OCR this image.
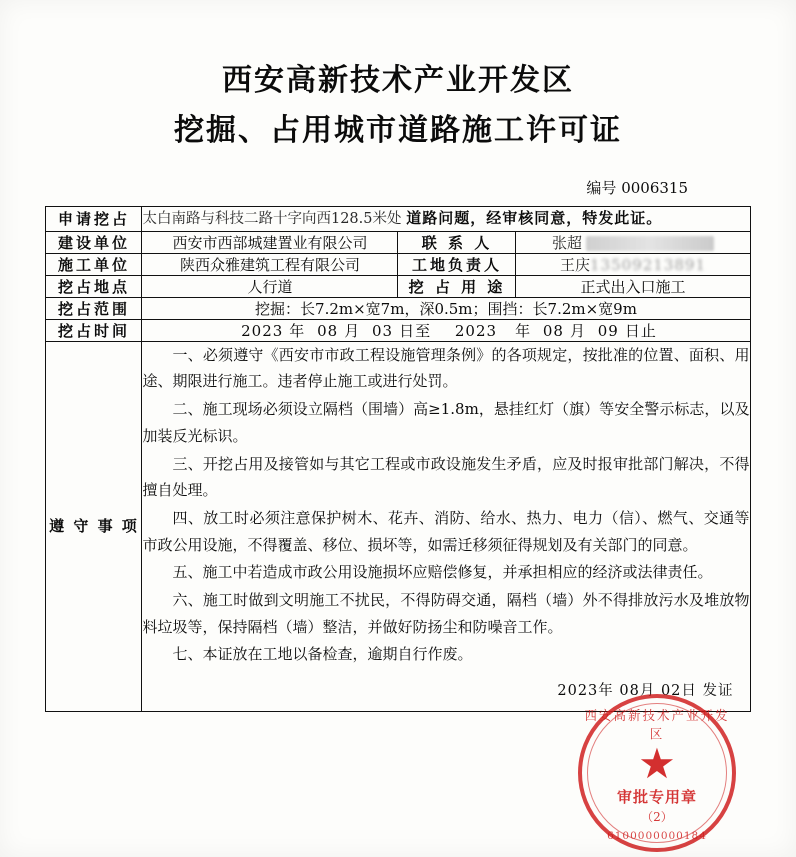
西安高新技术产业开发区
挖掘、占用城市道路施工许可证
编号 0006315
申请挖占	太白南路与科技二路十字向西128.5米处 道路问题，经审核同意，特发此证。		
建设单位	西安市西部城建置业有限公司	联 系 人	张超
施工单位	陕西众雅建筑工程有限公司	工地负责人	王庆13509213891
挖占地点	人行道	挖 占 用 途	正式出入口施工
挖占范围	挖掘：长7.2m×宽7m，深0.5m；围挡：长7.2m×宽9m		
挖占时间	2023 年 08 月 03 日至 2023 年 08 月 09 日止		
遵 守 事 项	

一、必须遵守《西安市市政工程设施管理条例》的各项规定，按批准的位置、面积、用途、期限进行施工。违者停止施工或进行处罚。

二、施工现场必须设立隔档（围墙）高≥1.8m，悬挂红灯（旗）等安全警示标志，以及加装反光标识。

三、开挖占用及接管如与其它工程或市政设施发生矛盾，应及时报审批部门解决，不得擅自处理。

四、放工时必须注意保护树木、花卉、消防、给水、热力、电力（信）、燃气、交通等市政公用设施，不得覆盖、移位、损坏等，如需迁移须征得规划及有关部门的同意。

五、施工中若造成市政公用设施损坏应赔偿修复，并承担相应的经济或法律责任。

六、施工时做到文明施工不扰民，不得防碍交通，隔档（墙）外不得排放污水及堆放物料垃圾等，保持隔档（墙）整洁，并做好防扬尘和防噪音工作。

七、本证放在工地以备检查，逾期自行作废。

2023年 08月 02日 发证
西安高新技术产业开发区
★
审批专用章
（2）
6100000000184
